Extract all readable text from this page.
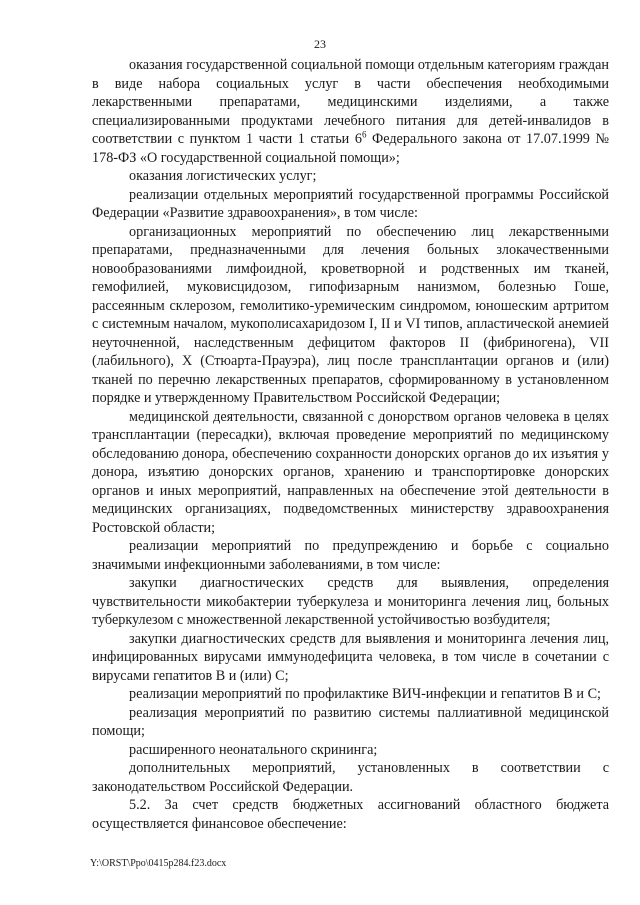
23

оказания государственной социальной помощи отдельным категориям граждан в виде набора социальных услуг в части обеспечения необходимыми лекарственными препаратами, медицинскими изделиями, а также специализированными продуктами лечебного питания для детей-инвалидов в соответствии с пунктом 1 части 1 статьи $6^6$ Федерального закона от 17.07.1999 № 178-ФЗ «О государственной социальной помощи»;

оказания логистических услуг;

реализации отдельных мероприятий государственной программы Российской Федерации «Развитие здравоохранения», в том числе:

организационных мероприятий по обеспечению лиц лекарственными препаратами, предназначенными для лечения больных злокачественными новообразованиями лимфоидной, кроветворной и родственных им тканей, гемофилией, муковисцидозом, гипофизарным нанизмом, болезнью Гоше, рассеянным склерозом, гемолитико-уремическим синдромом, юношеским артритом с системным началом, мукополисахаридозом I, II и VI типов, апластической анемией неуточненной, наследственным дефицитом факторов II (фибриногена), VII (лабильного), X (Стюарта-Прауэра), лиц после трансплантации органов и (или) тканей по перечню лекарственных препаратов, сформированному в установленном порядке и утвержденному Правительством Российской Федерации;

медицинской деятельности, связанной с донорством органов человека в целях трансплантации (пересадки), включая проведение мероприятий по медицинскому обследованию донора, обеспечению сохранности донорских органов до их изъятия у донора, изъятию донорских органов, хранению и транспортировке донорских органов и иных мероприятий, направленных на обеспечение этой деятельности в медицинских организациях, подведомственных министерству здравоохранения Ростовской области;

реализации мероприятий по предупреждению и борьбе с социально значимыми инфекционными заболеваниями, в том числе:

закупки диагностических средств для выявления, определения чувствительности микобактерии туберкулеза и мониторинга лечения лиц, больных туберкулезом с множественной лекарственной устойчивостью возбудителя;

закупки диагностических средств для выявления и мониторинга лечения лиц, инфицированных вирусами иммунодефицита человека, в том числе в сочетании с вирусами гепатитов B и (или) C;

реализации мероприятий по профилактике ВИЧ-инфекции и гепатитов B и C;

реализация мероприятий по развитию системы паллиативной медицинской помощи;

расширенного неонатального скрининга;

дополнительных мероприятий, установленных в соответствии с законодательством Российской Федерации.

5.2. За счет средств бюджетных ассигнований областного бюджета осуществляется финансовое обеспечение:

Y:\ORST\Ppo\0415p284.f23.docx
